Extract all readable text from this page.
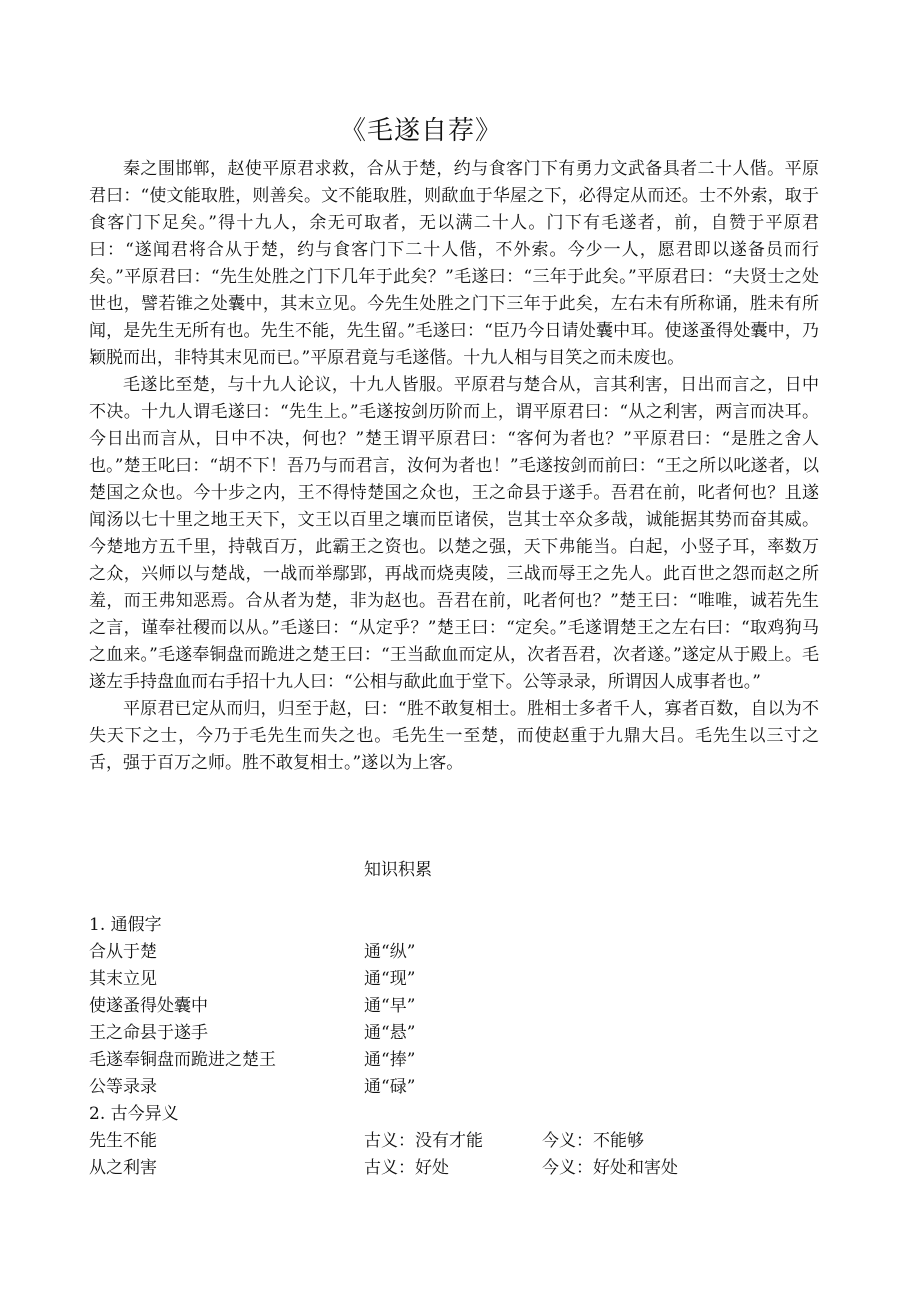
《毛遂自荐》

秦之围邯郸，赵使平原君求救，合从于楚，约与食客门下有勇力文武备具者二十人偕。平原君曰：“使文能取胜，则善矣。文不能取胜，则歃血于华屋之下，必得定从而还。士不外索，取于食客门下足矣。”得十九人，余无可取者，无以满二十人。门下有毛遂者，前，自赞于平原君曰：“遂闻君将合从于楚，约与食客门下二十人偕，不外索。今少一人，愿君即以遂备员而行矣。”平原君曰：“先生处胜之门下几年于此矣？”毛遂曰：“三年于此矣。”平原君曰：“夫贤士之处世也，譬若锥之处囊中，其末立见。今先生处胜之门下三年于此矣，左右未有所称诵，胜未有所闻，是先生无所有也。先生不能，先生留。”毛遂曰：“臣乃今日请处囊中耳。使遂蚤得处囊中，乃颖脱而出，非特其末见而已。”平原君竟与毛遂偕。十九人相与目笑之而未废也。

毛遂比至楚，与十九人论议，十九人皆服。平原君与楚合从，言其利害，日出而言之，日中不决。十九人谓毛遂曰：“先生上。”毛遂按剑历阶而上，谓平原君曰：“从之利害，两言而决耳。今日出而言从，日中不决，何也？”楚王谓平原君曰：“客何为者也？”平原君曰：“是胜之舍人也。”楚王叱曰：“胡不下！吾乃与而君言，汝何为者也！”毛遂按剑而前曰：“王之所以叱遂者，以楚国之众也。今十步之内，王不得恃楚国之众也，王之命县于遂手。吾君在前，叱者何也？且遂闻汤以七十里之地王天下，文王以百里之壤而臣诸侯，岂其士卒众多哉，诚能据其势而奋其威。今楚地方五千里，持戟百万，此霸王之资也。以楚之强，天下弗能当。白起，小竖子耳，率数万之众，兴师以与楚战，一战而举鄢郢，再战而烧夷陵，三战而辱王之先人。此百世之怨而赵之所羞，而王弗知恶焉。合从者为楚，非为赵也。吾君在前，叱者何也？”楚王曰：“唯唯，诚若先生之言，谨奉社稷而以从。”毛遂曰：“从定乎？”楚王曰：“定矣。”毛遂谓楚王之左右曰：“取鸡狗马之血来。”毛遂奉铜盘而跪进之楚王曰：“王当歃血而定从，次者吾君，次者遂。”遂定从于殿上。毛遂左手持盘血而右手招十九人曰：“公相与歃此血于堂下。公等录录，所谓因人成事者也。”

平原君已定从而归，归至于赵，曰：“胜不敢复相士。胜相士多者千人，寡者百数，自以为不失天下之士，今乃于毛先生而失之也。毛先生一至楚，而使赵重于九鼎大吕。毛先生以三寸之舌，强于百万之师。胜不敢复相士。”遂以为上客。

知识积累
1. 通假字
合从于楚	通“纵”
其末立见	通“现”
使遂蚤得处囊中	通“早”
王之命县于遂手	通“悬”
毛遂奉铜盘而跪进之楚王	通“捧”
公等录录	通“碌”
2. 古今异义
先生不能	古义：没有才能	今义：不能够
从之利害	古义：好处	今义：好处和害处
